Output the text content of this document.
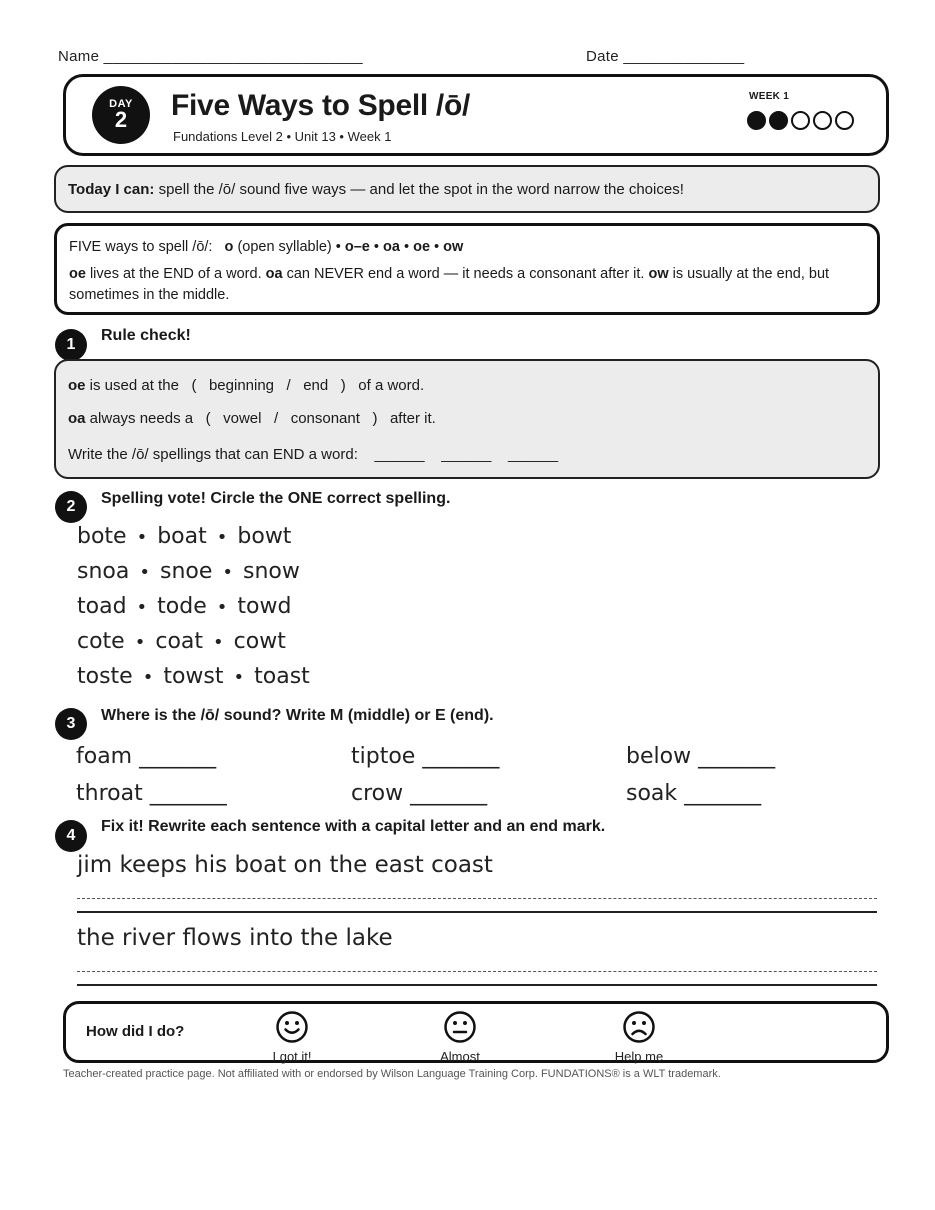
Name ______________________________	Date ______________
DAY
2	Five Ways to Spell /ō/
Fundations Level 2 • Unit 13 • Week 1
WEEK 1
Today I can: spell the /ō/ sound five ways — and let the spot in the word narrow the choices!
FIVE ways to spell /ō/: o (open syllable) • o–e • oa • oe • ow
oe lives at the END of a word. oa can NEVER end a word — it needs a consonant after it. ow is usually at the end, but sometimes in the middle.
1
Rule check!
oe is used at the ( beginning / end ) of a word.
oa always needs a ( vowel / consonant ) after it.
Write the /ō/ spellings that can END a word: ______ ______ ______
2	Spelling vote! Circle the ONE correct spelling.
bote • boat • bowt
snoa • snoe • snow
toad • tode • towd
cote • coat • cowt
toste • towst • toast
3	Where is the /ō/ sound? Write M (middle) or E (end).
foam _______	tiptoe _______	below _______
throat _______	crow _______	soak _______
4
Fix it! Rewrite each sentence with a capital letter and an end mark.
jim keeps his boat on the east coast
the river flows into the lake
How did I do?
I got it!	Almost	Help me
Teacher-created practice page. Not affiliated with or endorsed by Wilson Language Training Corp. FUNDATIONS® is a WLT trademark.
